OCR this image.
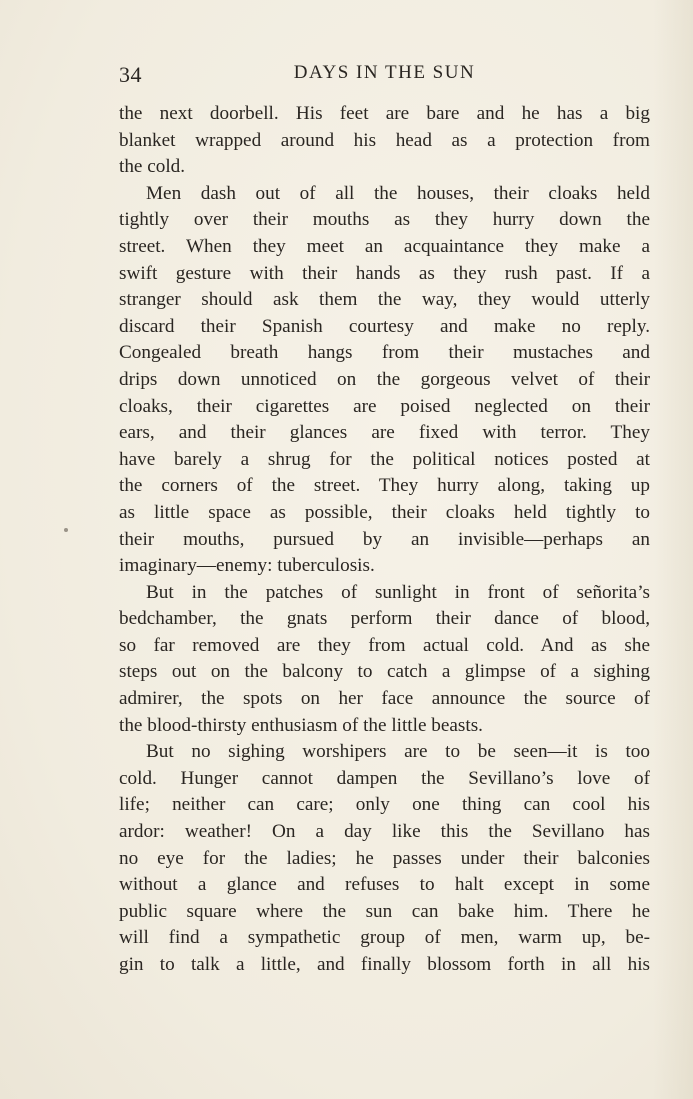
34	DAYS IN THE SUN
the next doorbell. His feet are bare and he has a big
blanket wrapped around his head as a protection from
the cold.
Men dash out of all the houses, their cloaks held
tightly over their mouths as they hurry down the
street. When they meet an acquaintance they make a
swift gesture with their hands as they rush past. If a
stranger should ask them the way, they would utterly
discard their Spanish courtesy and make no reply.
Congealed breath hangs from their mustaches and
drips down unnoticed on the gorgeous velvet of their
cloaks, their cigarettes are poised neglected on their
ears, and their glances are fixed with terror. They
have barely a shrug for the political notices posted at
the corners of the street. They hurry along, taking up
as little space as possible, their cloaks held tightly to
their mouths, pursued by an invisible—perhaps an
imaginary—enemy: tuberculosis.
But in the patches of sunlight in front of señorita’s
bedchamber, the gnats perform their dance of blood,
so far removed are they from actual cold. And as she
steps out on the balcony to catch a glimpse of a sighing
admirer, the spots on her face announce the source of
the blood-thirsty enthusiasm of the little beasts.
But no sighing worshipers are to be seen—it is too
cold. Hunger cannot dampen the Sevillano’s love of
life; neither can care; only one thing can cool his
ardor: weather! On a day like this the Sevillano has
no eye for the ladies; he passes under their balconies
without a glance and refuses to halt except in some
public square where the sun can bake him. There he
will find a sympathetic group of men, warm up, be-
gin to talk a little, and finally blossom forth in all his
